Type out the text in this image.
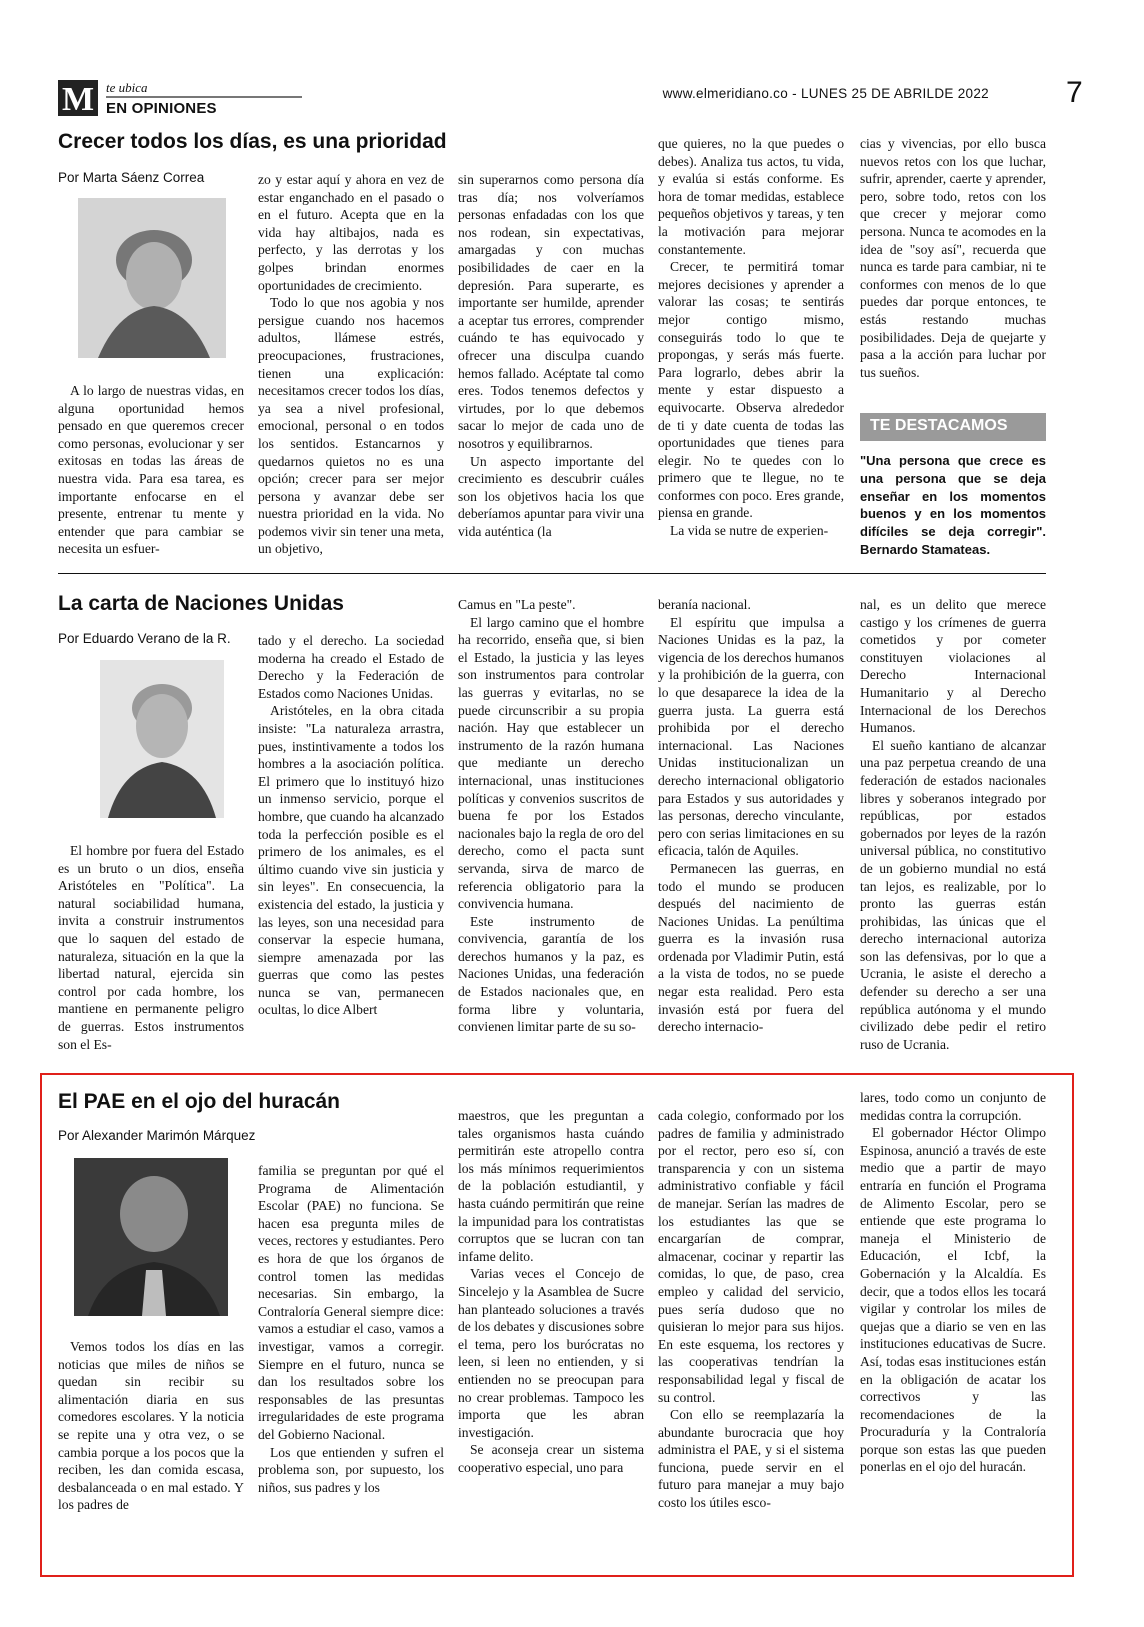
M te ubica
EN OPINIONES
www.elmeridiano.co - LUNES 25 DE ABRILDE 2022	7
Crecer todos los días, es una prioridad
Por Marta Sáenz Correa

A lo largo de nuestras vidas, en alguna oportunidad hemos pensado en que queremos crecer como personas, evolucionar y ser exitosas en todas las áreas de nuestra vida. Para esa tarea, es importante enfocarse en el presente, entrenar tu mente y entender que para cambiar se necesita un esfuer-

zo y estar aquí y ahora en vez de estar enganchado en el pasado o en el futuro. Acepta que en la vida hay altibajos, nada es perfecto, y las derrotas y los golpes brindan enormes oportunidades de crecimiento.

Todo lo que nos agobia y nos persigue cuando nos hacemos adultos, llámese estrés, preocupaciones, frustraciones, tienen una explicación: necesitamos crecer todos los días, ya sea a nivel profesional, emocional, personal o en todos los sentidos. Estancarnos y quedarnos quietos no es una opción; crecer para ser mejor persona y avanzar debe ser nuestra prioridad en la vida. No podemos vivir sin tener una meta, un objetivo,

sin superarnos como persona día tras día; nos volveríamos personas enfadadas con los que nos rodean, sin expectativas, amargadas y con muchas posibilidades de caer en la depresión. Para superarte, es importante ser humilde, aprender a aceptar tus errores, comprender cuándo te has equivocado y ofrecer una disculpa cuando hemos fallado. Acéptate tal como eres. Todos tenemos defectos y virtudes, por lo que debemos sacar lo mejor de cada uno de nosotros y equilibrarnos.

Un aspecto importante del crecimiento es descubrir cuáles son los objetivos hacia los que deberíamos apuntar para vivir una vida auténtica (la

que quieres, no la que puedes o debes). Analiza tus actos, tu vida, y evalúa si estás conforme. Es hora de tomar medidas, establece pequeños objetivos y tareas, y ten la motivación para mejorar constantemente.

Crecer, te permitirá tomar mejores decisiones y aprender a valorar las cosas; te sentirás mejor contigo mismo, conseguirás todo lo que te propongas, y serás más fuerte. Para lograrlo, debes abrir la mente y estar dispuesto a equivocarte. Observa alrededor de ti y date cuenta de todas las oportunidades que tienes para elegir. No te quedes con lo primero que te llegue, no te conformes con poco. Eres grande, piensa en grande.

La vida se nutre de experien-

cias y vivencias, por ello busca nuevos retos con los que luchar, sufrir, aprender, caerte y aprender, pero, sobre todo, retos con los que crecer y mejorar como persona. Nunca te acomodes en la idea de "soy así", recuerda que nunca es tarde para cambiar, ni te conformes con menos de lo que puedes dar porque entonces, te estás restando muchas posibilidades. Deja de quejarte y pasa a la acción para luchar por tus sueños.

TE DESTACAMOS
"Una persona que crece es una persona que se deja enseñar en los momentos buenos y en los momentos difíciles se deja corregir". Bernardo Stamateas.
La carta de Naciones Unidas
Por Eduardo Verano de la R.

El hombre por fuera del Estado es un bruto o un dios, enseña Aristóteles en "Política". La natural sociabilidad humana, invita a construir instrumentos que lo saquen del estado de naturaleza, situación en la que la libertad natural, ejercida sin control por cada hombre, los mantiene en permanente peligro de guerras. Estos instrumentos son el Es-

tado y el derecho. La sociedad moderna ha creado el Estado de Derecho y la Federación de Estados como Naciones Unidas.

Aristóteles, en la obra citada insiste: "La naturaleza arrastra, pues, instintivamente a todos los hombres a la asociación política. El primero que lo instituyó hizo un inmenso servicio, porque el hombre, que cuando ha alcanzado toda la perfección posible es el primero de los animales, es el último cuando vive sin justicia y sin leyes". En consecuencia, la existencia del estado, la justicia y las leyes, son una necesidad para conservar la especie humana, siempre amenazada por las guerras que como las pestes nunca se van, permanecen ocultas, lo dice Albert

Camus en "La peste".

El largo camino que el hombre ha recorrido, enseña que, si bien el Estado, la justicia y las leyes son instrumentos para controlar las guerras y evitarlas, no se puede circunscribir a su propia nación. Hay que establecer un instrumento de la razón humana que mediante un derecho internacional, unas instituciones políticas y convenios suscritos de buena fe por los Estados nacionales bajo la regla de oro del derecho, como el pacta sunt servanda, sirva de marco de referencia obligatorio para la convivencia humana.

Este instrumento de convivencia, garantía de los derechos humanos y la paz, es Naciones Unidas, una federación de Estados nacionales que, en forma libre y voluntaria, convienen limitar parte de su so-

beranía nacional.

El espíritu que impulsa a Naciones Unidas es la paz, la vigencia de los derechos humanos y la prohibición de la guerra, con lo que desaparece la idea de la guerra justa. La guerra está prohibida por el derecho internacional. Las Naciones Unidas institucionalizan un derecho internacional obligatorio para Estados y sus autoridades y las personas, derecho vinculante, pero con serias limitaciones en su eficacia, talón de Aquiles.

Permanecen las guerras, en todo el mundo se producen después del nacimiento de Naciones Unidas. La penúltima guerra es la invasión rusa ordenada por Vladimir Putin, está a la vista de todos, no se puede negar esta realidad. Pero esta invasión está por fuera del derecho internacio-

nal, es un delito que merece castigo y los crímenes de guerra cometidos y por cometer constituyen violaciones al Derecho Internacional Humanitario y al Derecho Internacional de los Derechos Humanos.

El sueño kantiano de alcanzar una paz perpetua creando de una federación de estados nacionales libres y soberanos integrado por repúblicas, por estados gobernados por leyes de la razón universal pública, no constitutivo de un gobierno mundial no está tan lejos, es realizable, por lo pronto las guerras están prohibidas, las únicas que el derecho internacional autoriza son las defensivas, por lo que a Ucrania, le asiste el derecho a defender su derecho a ser una república autónoma y el mundo civilizado debe pedir el retiro ruso de Ucrania.

El PAE en el ojo del huracán
Por Alexander Marimón Márquez

Vemos todos los días en las noticias que miles de niños se quedan sin recibir su alimentación diaria en sus comedores escolares. Y la noticia se repite una y otra vez, o se cambia porque a los pocos que la reciben, les dan comida escasa, desbalanceada o en mal estado. Y los padres de

familia se preguntan por qué el Programa de Alimentación Escolar (PAE) no funciona. Se hacen esa pregunta miles de veces, rectores y estudiantes. Pero es hora de que los órganos de control tomen las medidas necesarias. Sin embargo, la Contraloría General siempre dice: vamos a estudiar el caso, vamos a investigar, vamos a corregir. Siempre en el futuro, nunca se dan los resultados sobre los responsables de las presuntas irregularidades de este programa del Gobierno Nacional.

Los que entienden y sufren el problema son, por supuesto, los niños, sus padres y los

maestros, que les preguntan a tales organismos hasta cuándo permitirán este atropello contra los más mínimos requerimientos de la población estudiantil, y hasta cuándo permitirán que reine la impunidad para los contratistas corruptos que se lucran con tan infame delito.

Varias veces el Concejo de Sincelejo y la Asamblea de Sucre han planteado soluciones a través de los debates y discusiones sobre el tema, pero los burócratas no leen, si leen no entienden, y si entienden no se preocupan para no crear problemas. Tampoco les importa que les abran investigación.

Se aconseja crear un sistema cooperativo especial, uno para

cada colegio, conformado por los padres de familia y administrado por el rector, pero eso sí, con transparencia y con un sistema administrativo confiable y fácil de manejar. Serían las madres de los estudiantes las que se encargarían de comprar, almacenar, cocinar y repartir las comidas, lo que, de paso, crea empleo y calidad del servicio, pues sería dudoso que no quisieran lo mejor para sus hijos. En este esquema, los rectores y las cooperativas tendrían la responsabilidad legal y fiscal de su control.

Con ello se reemplazaría la abundante burocracia que hoy administra el PAE, y si el sistema funciona, puede servir en el futuro para manejar a muy bajo costo los útiles esco-

lares, todo como un conjunto de medidas contra la corrupción.

El gobernador Héctor Olimpo Espinosa, anunció a través de este medio que a partir de mayo entraría en función el Programa de Alimento Escolar, pero se entiende que este programa lo maneja el Ministerio de Educación, el Icbf, la Gobernación y la Alcaldía. Es decir, que a todos ellos les tocará vigilar y controlar los miles de quejas que a diario se ven en las instituciones educativas de Sucre. Así, todas esas instituciones están en la obligación de acatar los correctivos y las recomendaciones de la Procuraduría y la Contraloría porque son estas las que pueden ponerlas en el ojo del huracán.
